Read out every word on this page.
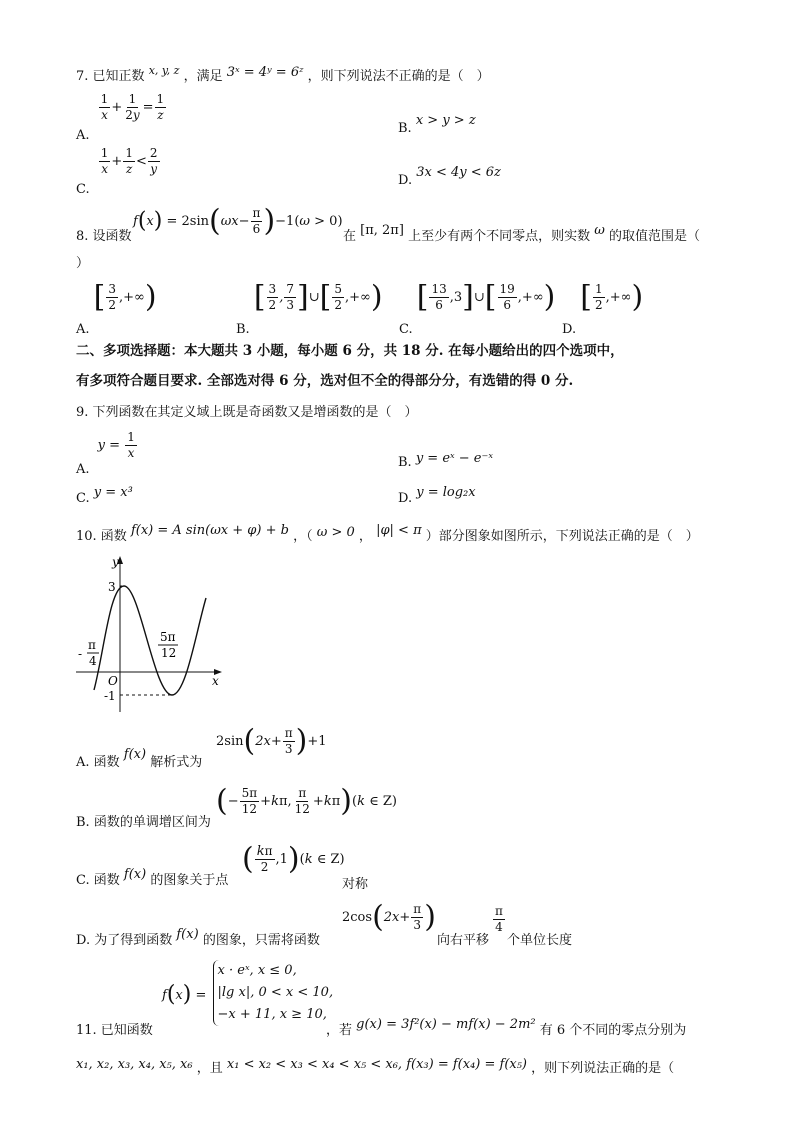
7. 已知正数 $^{x, y, z}$ ，满足 3ˣ = 4ʸ = 6ᶻ ，则下列说法不正确的是（　）
A.
$\frac{1}{x} + \frac{1}{2y} = \frac{1}{z}$
B. x > y > z
C.
$\frac{1}{x} + \frac{1}{z} < \frac{2}{y}$
D. 3x < 4y < 6z
$f(x) = 2\sin(\omega x- \frac{\pi}{6} )-1(\omega > 0)$
8. 设函数	在 [π, 2π] 上至少有两个不同零点，则实数 ω 的取值范围是（
）
A. [ $\frac{3}{2}$ ,+∞)
B. [ $\frac{3}{2}$ , $\frac{7}{3}$ ]∪[ $\frac{5}{2}$ ,+∞)
C. [ $\frac{13}{6}$ ,3]∪[ $\frac{19}{6}$ ,+∞)
D. [ $\frac{1}{2}$ ,+∞)
二、多项选择题：本大题共 3 小题，每小题 6 分，共 18 分. 在每小题给出的四个选项中，
有多项符合题目要求. 全部选对得 6 分，选对但不全的得部分分，有选错的得 0 分.
9. 下列函数在其定义域上既是奇函数又是增函数的是（　）
A. $y = \frac{1}{x}$
B. y = eˣ − e⁻ˣ
C. y = x³	D. y = log₂x
10. 函数 f(x) = A sin(ωx + φ) + b ，（ ω > 0 ， |φ| < π ）部分图象如图所示，下列说法正确的是（　）
y
x
O
3
-1
-
π
4
5π
12
$2\sin(2x+ \frac{\pi}{3} )+1$
A. 函数 f(x) 解析式为
(− $\frac{5\pi}{12} +k\pi$, $\frac{\pi}{12} +k\pi)(k$ ∈ Z)
B. 函数的单调增区间为
( $\frac{k\pi}{2} ,1)(k$ ∈ Z)
C. 函数 f(x) 的图象关于点	对称
$2\cos(2x+ \frac{\pi}{3}$ )	$\frac{\pi}{4}$
D. 为了得到函数 f(x) 的图象，只需将函数	向右平移 个单位长度
f(x) =
x · eˣ, x ≤ 0,
|lg x|, 0 < x < 10,
−x + 11, x ≥ 10,
11. 已知函数	，若 g(x) = 3f²(x) − mf(x) − 2m² 有 6 个不同的零点分别为
x₁, x₂, x₃, x₄, x₅, x₆ ，且 x₁ < x₂ < x₃ < x₄ < x₅ < x₆, f(x₃) = f(x₄) = f(x₅) ，则下列说法正确的是（
